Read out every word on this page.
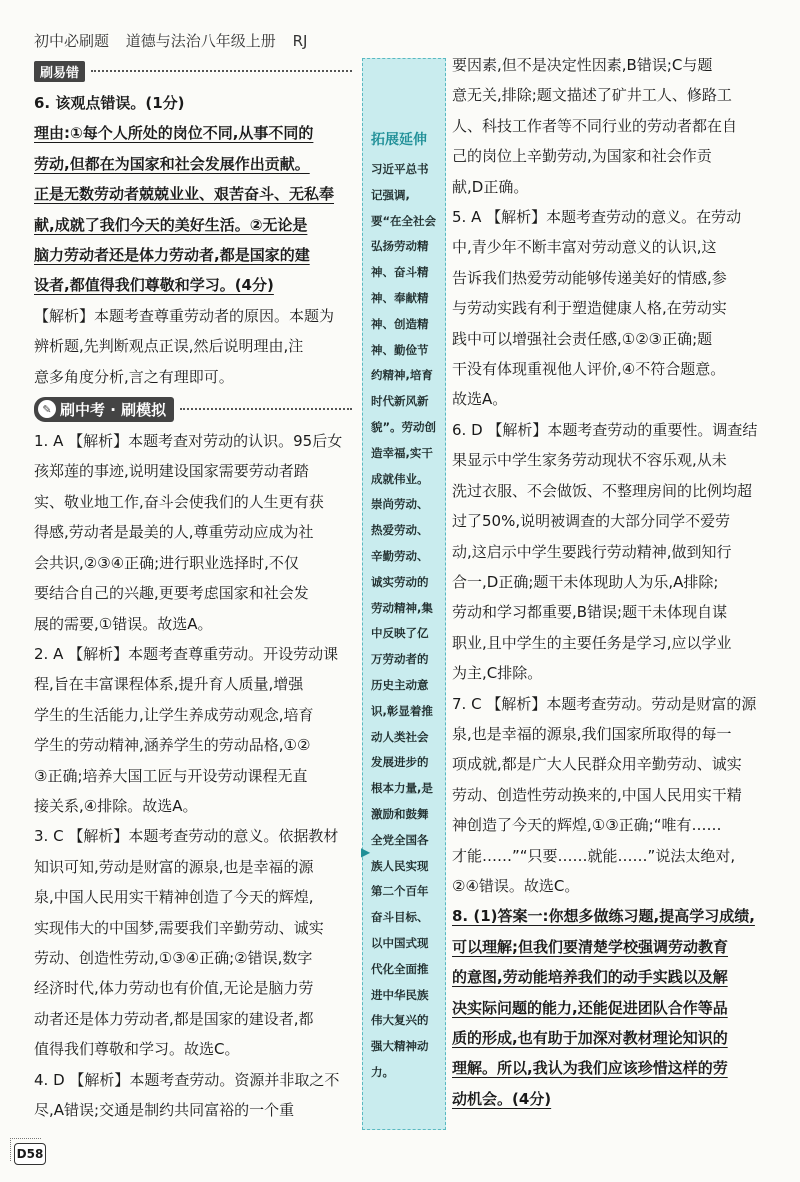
初中必刷题 道德与法治八年级上册 RJ
刷易错

6. 该观点错误。(1分)

理由:①每个人所处的岗位不同,从事不同的

劳动,但都在为国家和社会发展作出贡献。

正是无数劳动者兢兢业业、艰苦奋斗、无私奉

献,成就了我们今天的美好生活。②无论是

脑力劳动者还是体力劳动者,都是国家的建

设者,都值得我们尊敬和学习。(4分)

【解析】本题考查尊重劳动者的原因。本题为

辨析题,先判断观点正误,然后说明理由,注

意多角度分析,言之有理即可。

✎ 刷中考 · 刷模拟

1. A 【解析】本题考查对劳动的认识。95后女

孩郑莲的事迹,说明建设国家需要劳动者踏

实、敬业地工作,奋斗会使我们的人生更有获

得感,劳动者是最美的人,尊重劳动应成为社

会共识,②③④正确;进行职业选择时,不仅

要结合自己的兴趣,更要考虑国家和社会发

展的需要,①错误。故选A。

2. A 【解析】本题考查尊重劳动。开设劳动课

程,旨在丰富课程体系,提升育人质量,增强

学生的生活能力,让学生养成劳动观念,培育

学生的劳动精神,涵养学生的劳动品格,①②

③正确;培养大国工匠与开设劳动课程无直

接关系,④排除。故选A。

3. C 【解析】本题考查劳动的意义。依据教材

知识可知,劳动是财富的源泉,也是幸福的源

泉,中国人民用实干精神创造了今天的辉煌,

实现伟大的中国梦,需要我们辛勤劳动、诚实

劳动、创造性劳动,①③④正确;②错误,数字

经济时代,体力劳动也有价值,无论是脑力劳

动者还是体力劳动者,都是国家的建设者,都

值得我们尊敬和学习。故选C。

4. D 【解析】本题考查劳动。资源并非取之不

尽,A错误;交通是制约共同富裕的一个重

拓展延伸
习近平总书记强调,要“在全社会弘扬劳动精神、奋斗精神、奉献精神、创造精神、勤俭节约精神,培育时代新风新貌”。劳动创造幸福,实干成就伟业。崇尚劳动、热爱劳动、辛勤劳动、诚实劳动的劳动精神,集中反映了亿万劳动者的历史主动意识,彰显着推动人类社会发展进步的根本力量,是激励和鼓舞全党全国各族人民实现第二个百年奋斗目标、以中国式现代化全面推进中华民族伟大复兴的强大精神动力。
▶

要因素,但不是决定性因素,B错误;C与题

意无关,排除;题文描述了矿井工人、修路工

人、科技工作者等不同行业的劳动者都在自

己的岗位上辛勤劳动,为国家和社会作贡

献,D正确。

5. A 【解析】本题考查劳动的意义。在劳动

中,青少年不断丰富对劳动意义的认识,这

告诉我们热爱劳动能够传递美好的情感,参

与劳动实践有利于塑造健康人格,在劳动实

践中可以增强社会责任感,①②③正确;题

干没有体现重视他人评价,④不符合题意。

故选A。

6. D 【解析】本题考查劳动的重要性。调查结

果显示中学生家务劳动现状不容乐观,从未

洗过衣服、不会做饭、不整理房间的比例均超

过了50%,说明被调查的大部分同学不爱劳

动,这启示中学生要践行劳动精神,做到知行

合一,D正确;题干未体现助人为乐,A排除;

劳动和学习都重要,B错误;题干未体现自谋

职业,且中学生的主要任务是学习,应以学业

为主,C排除。

7. C 【解析】本题考查劳动。劳动是财富的源

泉,也是幸福的源泉,我们国家所取得的每一

项成就,都是广大人民群众用辛勤劳动、诚实

劳动、创造性劳动换来的,中国人民用实干精

神创造了今天的辉煌,①③正确;“唯有……

才能……”“只要……就能……”说法太绝对,

②④错误。故选C。

8. (1)答案一:你想多做练习题,提高学习成绩,

可以理解;但我们要清楚学校强调劳动教育

的意图,劳动能培养我们的动手实践以及解

决实际问题的能力,还能促进团队合作等品

质的形成,也有助于加深对教材理论知识的

理解。所以,我认为我们应该珍惜这样的劳

动机会。(4分)

D58
